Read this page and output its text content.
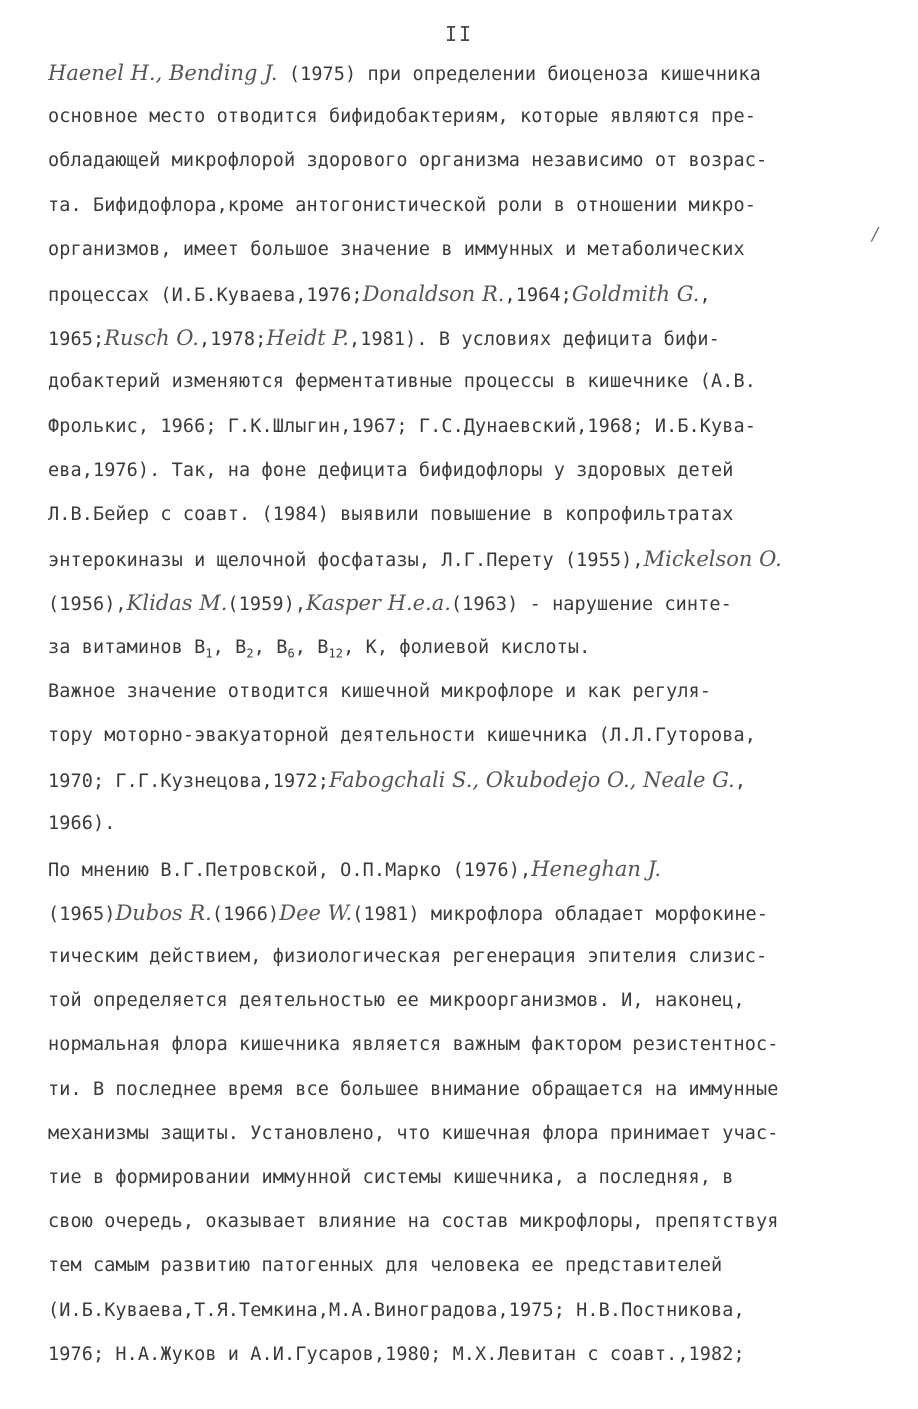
II
/
Haenel H., Bending J. (1975) при определении биоценоза кишечника
основное место отводится бифидобактериям, которые являются пре-
обладающей микрофлорой здорового организма независимо от возрас-
та. Бифидофлора,кроме антогонистической роли в отношении микро-
организмов, имеет большое значение в иммунных и метаболических
процессах (И.Б.Куваева,1976;Donaldson R.,1964;Goldmith G.,
1965;Rusch O.,1978;Heidt P.,1981). В условиях дефицита бифи-
добактерий изменяются ферментативные процессы в кишечнике (А.В.
Фролькис, 1966; Г.К.Шлыгин,1967; Г.С.Дунаевский,1968; И.Б.Кува-
ева,1976). Так, на фоне дефицита бифидофлоры у здоровых детей
Л.В.Бейер с соавт. (1984) выявили повышение в копрофильтратах
энтерокиназы и щелочной фосфатазы, Л.Г.Перету (1955),Mickelson O.
(1956),Klidas M.(1959),Kasper H.e.a.(1963) - нарушение синте-
за витаминов $B_1$, $B_2$, $B_6$, $B_{12}$, К, фолиевой кислоты.
Важное значение отводится кишечной микрофлоре и как регуля-
тору моторно-эвакуаторной деятельности кишечника (Л.Л.Гуторова,
1970; Г.Г.Кузнецова,1972;Fabogchali S., Okubodejo O., Neale G.,
1966).
По мнению В.Г.Петровской, О.П.Марко (1976),Heneghan J.
(1965)Dubos R.(1966)Dee W.(1981) микрофлора обладает морфокине-
тическим действием, физиологическая регенерация эпителия слизис-
той определяется деятельностью ее микроорганизмов. И, наконец,
нормальная флора кишечника является важным фактором резистентнос-
ти. В последнее время все большее внимание обращается на иммунные
механизмы защиты. Установлено, что кишечная флора принимает учас-
тие в формировании иммунной системы кишечника, а последняя, в
свою очередь, оказывает влияние на состав микрофлоры, препятствуя
тем самым развитию патогенных для человека ее представителей
(И.Б.Куваева,Т.Я.Темкина,М.А.Виноградова,1975; Н.В.Постникова,
1976; Н.А.Жуков и А.И.Гусаров,1980; М.Х.Левитан с соавт.,1982;
